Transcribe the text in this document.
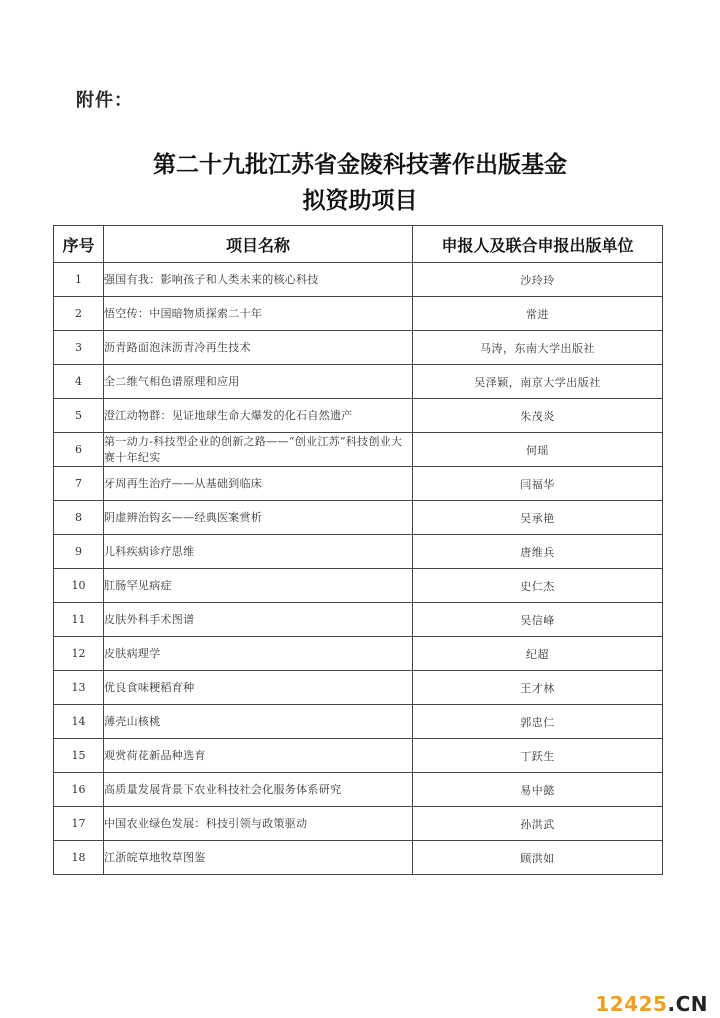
附件：
第二十九批江苏省金陵科技著作出版基金
拟资助项目
序号	项目名称	申报人及联合申报出版单位
1	强国有我：影响孩子和人类未来的核心科技	沙玲玲
2	悟空传：中国暗物质探索二十年	常进
3	沥青路面泡沫沥青冷再生技术	马涛，东南大学出版社
4	全二维气相色谱原理和应用	吴泽颖，南京大学出版社
5	澄江动物群：见证地球生命大爆发的化石自然遗产	朱茂炎
6	第一动力-科技型企业的创新之路——“创业江苏”科技创业大赛十年纪实	何瑶
7	牙周再生治疗——从基础到临床	闫福华
8	阴虚辨治钩玄——经典医案赏析	吴承艳
9	儿科疾病诊疗思维	唐维兵
10	肛肠罕见病症	史仁杰
11	皮肤外科手术图谱	吴信峰
12	皮肤病理学	纪超
13	优良食味粳稻育种	王才林
14	薄壳山核桃	郭忠仁
15	观赏荷花新品种选育	丁跃生
16	高质量发展背景下农业科技社会化服务体系研究	易中懿
17	中国农业绿色发展：科技引领与政策驱动	孙洪武
18	江浙皖草地牧草图鉴	顾洪如
12425.CN
